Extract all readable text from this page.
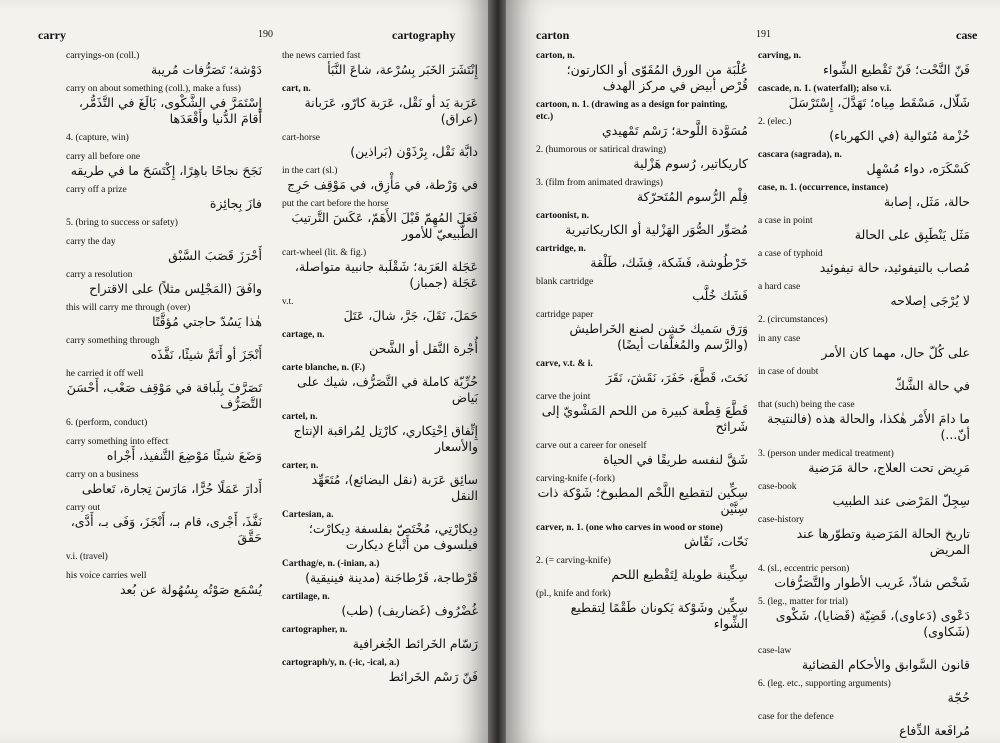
carry	190	cartography
carryings-on (coll.)
دَوْشة؛ تَصَرُّفات مُريبة
carry on about something (coll.), make a fuss)
إِسْتَمَرَّ في الشَّكْوى، بَالَغَ في التَّذَمُّر، أَقامَ الدُّنيا وأَقْعَدَها
4. (capture, win)
carry all before one
نَجَحَ نجاحًا باهِرًا، إِكْتَسَحَ ما في طريقه
carry off a prize
فازَ بِجائِزة
5. (bring to success or safety)
carry the day
أَحْرَزَ قَصَبَ السَّبْق
carry a resolution
وافَقَ (المَجْلِس مثلاً) على الاقتراح
this will carry me through (over)
هٰذا يَسُدّ حاجتي مُؤقَّتًا
carry something through
أَنْجَزَ أو أَتَمَّ شيئًا، نَفَّذَه
he carried it off well
تَصَرَّفَ بِلَباقة في مَوْقِف صَعْب، أَحْسَنَ التَّصَرُّف
6. (perform, conduct)
carry something into effect
وَضَعَ شيئًا مَوْضِعَ التَّنفيذ، أَجْراه
carry on a business
أَدارَ عَمَلًا حُرًّا، مَارَسَ تِجارة، تَعاطى
carry out
نَفَّذَ، أَجْرى، قام بـ، أَنْجَزَ، وَفَى بـ، أَدَّى، حَقَّقَ
v.i. (travel)
his voice carries well
يُسْمَع صَوْتُه بِسُهُولة عن بُعد
the news carried fast
إِنْتَشَرَ الخَبَر بِسُرْعة، شاعَ النَّبَأ
cart, n.
عَرَبة يَد أو نَقْل، عَرَبة كارّو، عَرَبانة (عراق)
cart-horse
دابَّة نَقْل، بِرْذَوْن (بَراذين)
in the cart (sl.)
في وَرْطة، في مَأْزِق، في مَوْقِف حَرِج
put the cart before the horse
فَعَلَ المُهِمّ قَبْلَ الأَهَمّ، عَكَسَ التَّرتيبَ الطَّبيعيّ للأمور
cart-wheel (lit. & fig.)
عَجَلة العَرَبة؛ شَقْلَبة جانبية متواصلة، عَجَلة (جمباز)
v.t.
حَمَلَ، نَقَلَ، جَرَّ، شالَ، عَتَلَ
cartage, n.
أُجْرة النَّقل أو الشَّحن
carte blanche, n. (F.)
حُرِّيّة كاملة في التَّصَرُّف، شيك على بَياض
cartel, n.
إِتِّفاق اِحْتِكاري، كارْتِل لِمُراقبة الإنتاج والأسعار
carter, n.
سائِق عَرَبة (نقل البضائع)، مُتَعَهِّد النقل
Cartesian, a.
دِيكارْتِي، مُخْتَصّ بفلسفة دِيكارْت؛ فيلسوف من أَتْباع ديكارت
Carthag/e, n. (-inian, a.)
قَرْطاجة، قَرْطاجَنة (مدينة فينيقية)
cartilage, n.
غُضْرُوف (غَضاريف) (طب)
cartographer, n.
رَسّام الخَرائط الجُغرافية
cartograph/y, n. (-ic, -ical, a.)
فَنّ رَسْم الخَرائط
carton	191	case
carton, n.
عُلْبَة من الورق المُقَوّى أو الكارتون؛ قُرْص أبيض في مركز الهدف
cartoon, n. 1. (drawing as a design for painting, etc.)
مُسَوَّدة اللَّوحة؛ رَسْم تَمْهيدي
2. (humorous or satirical drawing)
كاريكاتير، رُسوم هَزْلية
3. (film from animated drawings)
فِلْم الرُّسوم المُتَحرّكة
cartoonist, n.
مُصَوِّر الصُّوَر الهَزْلية أو الكاريكاتيرية
cartridge, n.
خَرْطُوشة، فَشَكة، فِشَك، طَلْقة
blank cartridge
فَشَك خُلَّب
cartridge paper
وَرَق سَميك خَشِن لصنع الخَراطيش (والرَّسم والمُغلّفات أيضًا)
carve, v.t. & i.
نَحَتَ، قَطَّعَ، حَفَرَ، نَقَشَ، نَقَرَ
carve the joint
قَطَّعَ قِطْعة كبيرة من اللحم المَشْويّ إلى شَرائح
carve out a career for oneself
شَقَّ لنفسه طريقًا في الحياة
carving-knife (-fork)
سِكِّين لتقطيع اللَّحْم المطبوخ؛ شَوْكة ذات سِنَّيْن
carver, n. 1. (one who carves in wood or stone)
نَحّات، نَقّاش
2. (= carving-knife)
سِكِّينة طويلة لِتَقْطيع اللحم
(pl., knife and fork)
سِكِّين وشَوْكة يَكونان طَقْمًا لِتقطيع الشِّواء
carving, n.
فَنّ النَّحْت؛ فَنّ تَقْطيع الشِّواء
cascade, n. 1. (waterfall); also v.i.
شَلّال، مَسْقَط مِياه؛ تَهَدَّلَ، إِسْتَرْسَلَ
2. (elec.)
حُزْمة مُتَوالية (في الكهرباء)
cascara (sagrada), n.
كَسْكَرَه، دواء مُسْهِل
case, n. 1. (occurrence, instance)
حالة، مَثَل، إصابة
a case in point
مَثَل يَنْطَبِق على الحالة
a case of typhoid
مُصاب بالتيفوئيد، حالة تيفوئيد
a hard case
لا يُرْجَى إصلاحه
2. (circumstances)
in any case
على كُلّ حال، مهما كان الأمر
in case of doubt
في حالة الشَّكّ
that (such) being the case
ما دامَ الأَمْر هٰكذا، والحالة هذه (فالنتيجة أنّ...)
3. (person under medical treatment)
مَرِيض تحت العلاج، حالة مَرَضية
case-book
سِجِلّ المَرْضى عند الطبيب
case-history
تاريخ الحالة المَرَضية وتطوّرها عند المريض
4. (sl., eccentric person)
شَخْص شاذّ، غَريب الأطوار والتَّصَرُّفات
5. (leg., matter for trial)
دَعْوى (دَعاوى)، قَضِيّة (قَضايا)، شَكْوى (شَكاوى)
case-law
قانون السَّوابق والأحكام القضائية
6. (leg. etc., supporting arguments)
حُجّة
case for the defence
مُرافَعة الدِّفاع
